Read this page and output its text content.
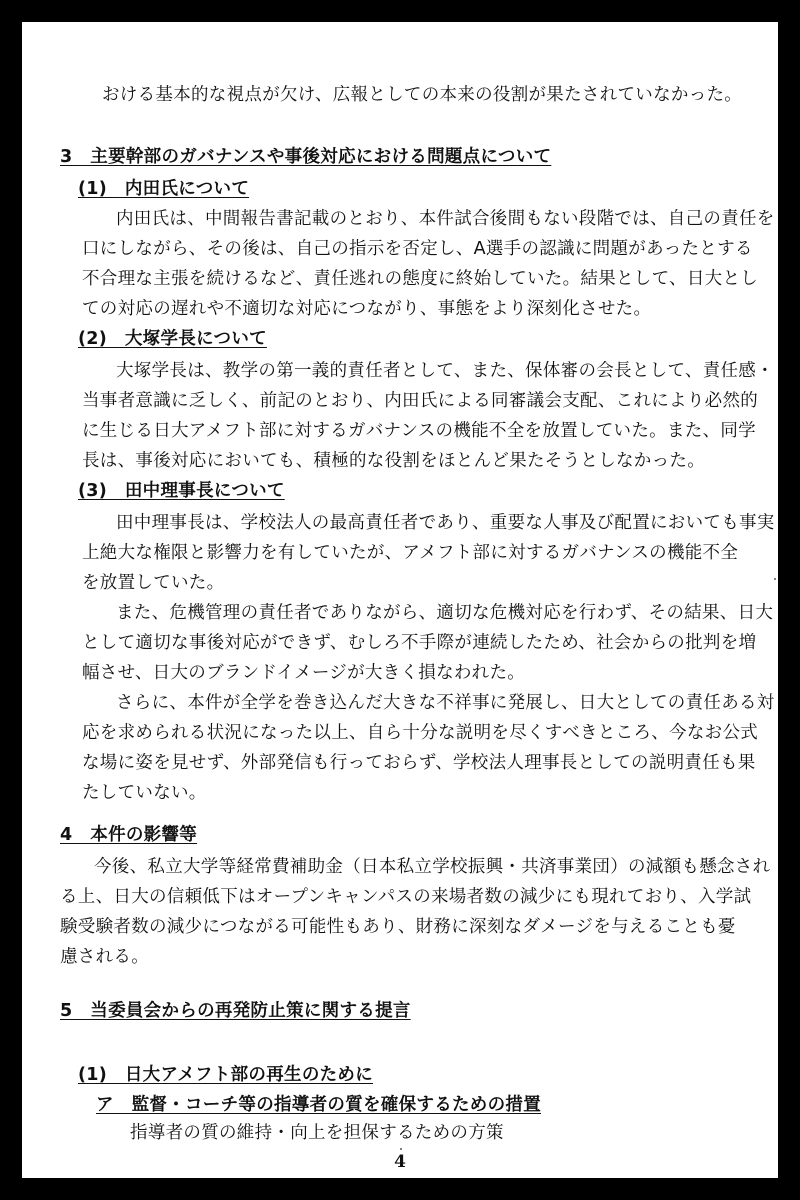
おける基本的な視点が欠け、広報としての本来の役割が果たされていなかった。
3　主要幹部のガバナンスや事後対応における問題点について
(1)　内田氏について
内田氏は、中間報告書記載のとおり、本件試合後間もない段階では、自己の責任を
口にしながら、その後は、自己の指示を否定し、A選手の認識に問題があったとする
不合理な主張を続けるなど、責任逃れの態度に終始していた。結果として、日大とし
ての対応の遅れや不適切な対応につながり、事態をより深刻化させた。
(2)　大塚学長について
大塚学長は、教学の第一義的責任者として、また、保体審の会長として、責任感・
当事者意識に乏しく、前記のとおり、内田氏による同審議会支配、これにより必然的
に生じる日大アメフト部に対するガバナンスの機能不全を放置していた。また、同学
長は、事後対応においても、積極的な役割をほとんど果たそうとしなかった。
(3)　田中理事長について
田中理事長は、学校法人の最高責任者であり、重要な人事及び配置においても事実
上絶大な権限と影響力を有していたが、アメフト部に対するガバナンスの機能不全
を放置していた。
また、危機管理の責任者でありながら、適切な危機対応を行わず、その結果、日大
として適切な事後対応ができず、むしろ不手際が連続したため、社会からの批判を増
幅させ、日大のブランドイメージが大きく損なわれた。
さらに、本件が全学を巻き込んだ大きな不祥事に発展し、日大としての責任ある対
応を求められる状況になった以上、自ら十分な説明を尽くすべきところ、今なお公式
な場に姿を見せず、外部発信も行っておらず、学校法人理事長としての説明責任も果
たしていない。
4　本件の影響等
今後、私立大学等経常費補助金（日本私立学校振興・共済事業団）の減額も懸念され
る上、日大の信頼低下はオープンキャンパスの来場者数の減少にも現れており、入学試
験受験者数の減少につながる可能性もあり、財務に深刻なダメージを与えることも憂
慮される。
5　当委員会からの再発防止策に関する提言
(1)　日大アメフト部の再生のために
ア　監督・コーチ等の指導者の質を確保するための措置
指導者の質の維持・向上を担保するための方策
4
